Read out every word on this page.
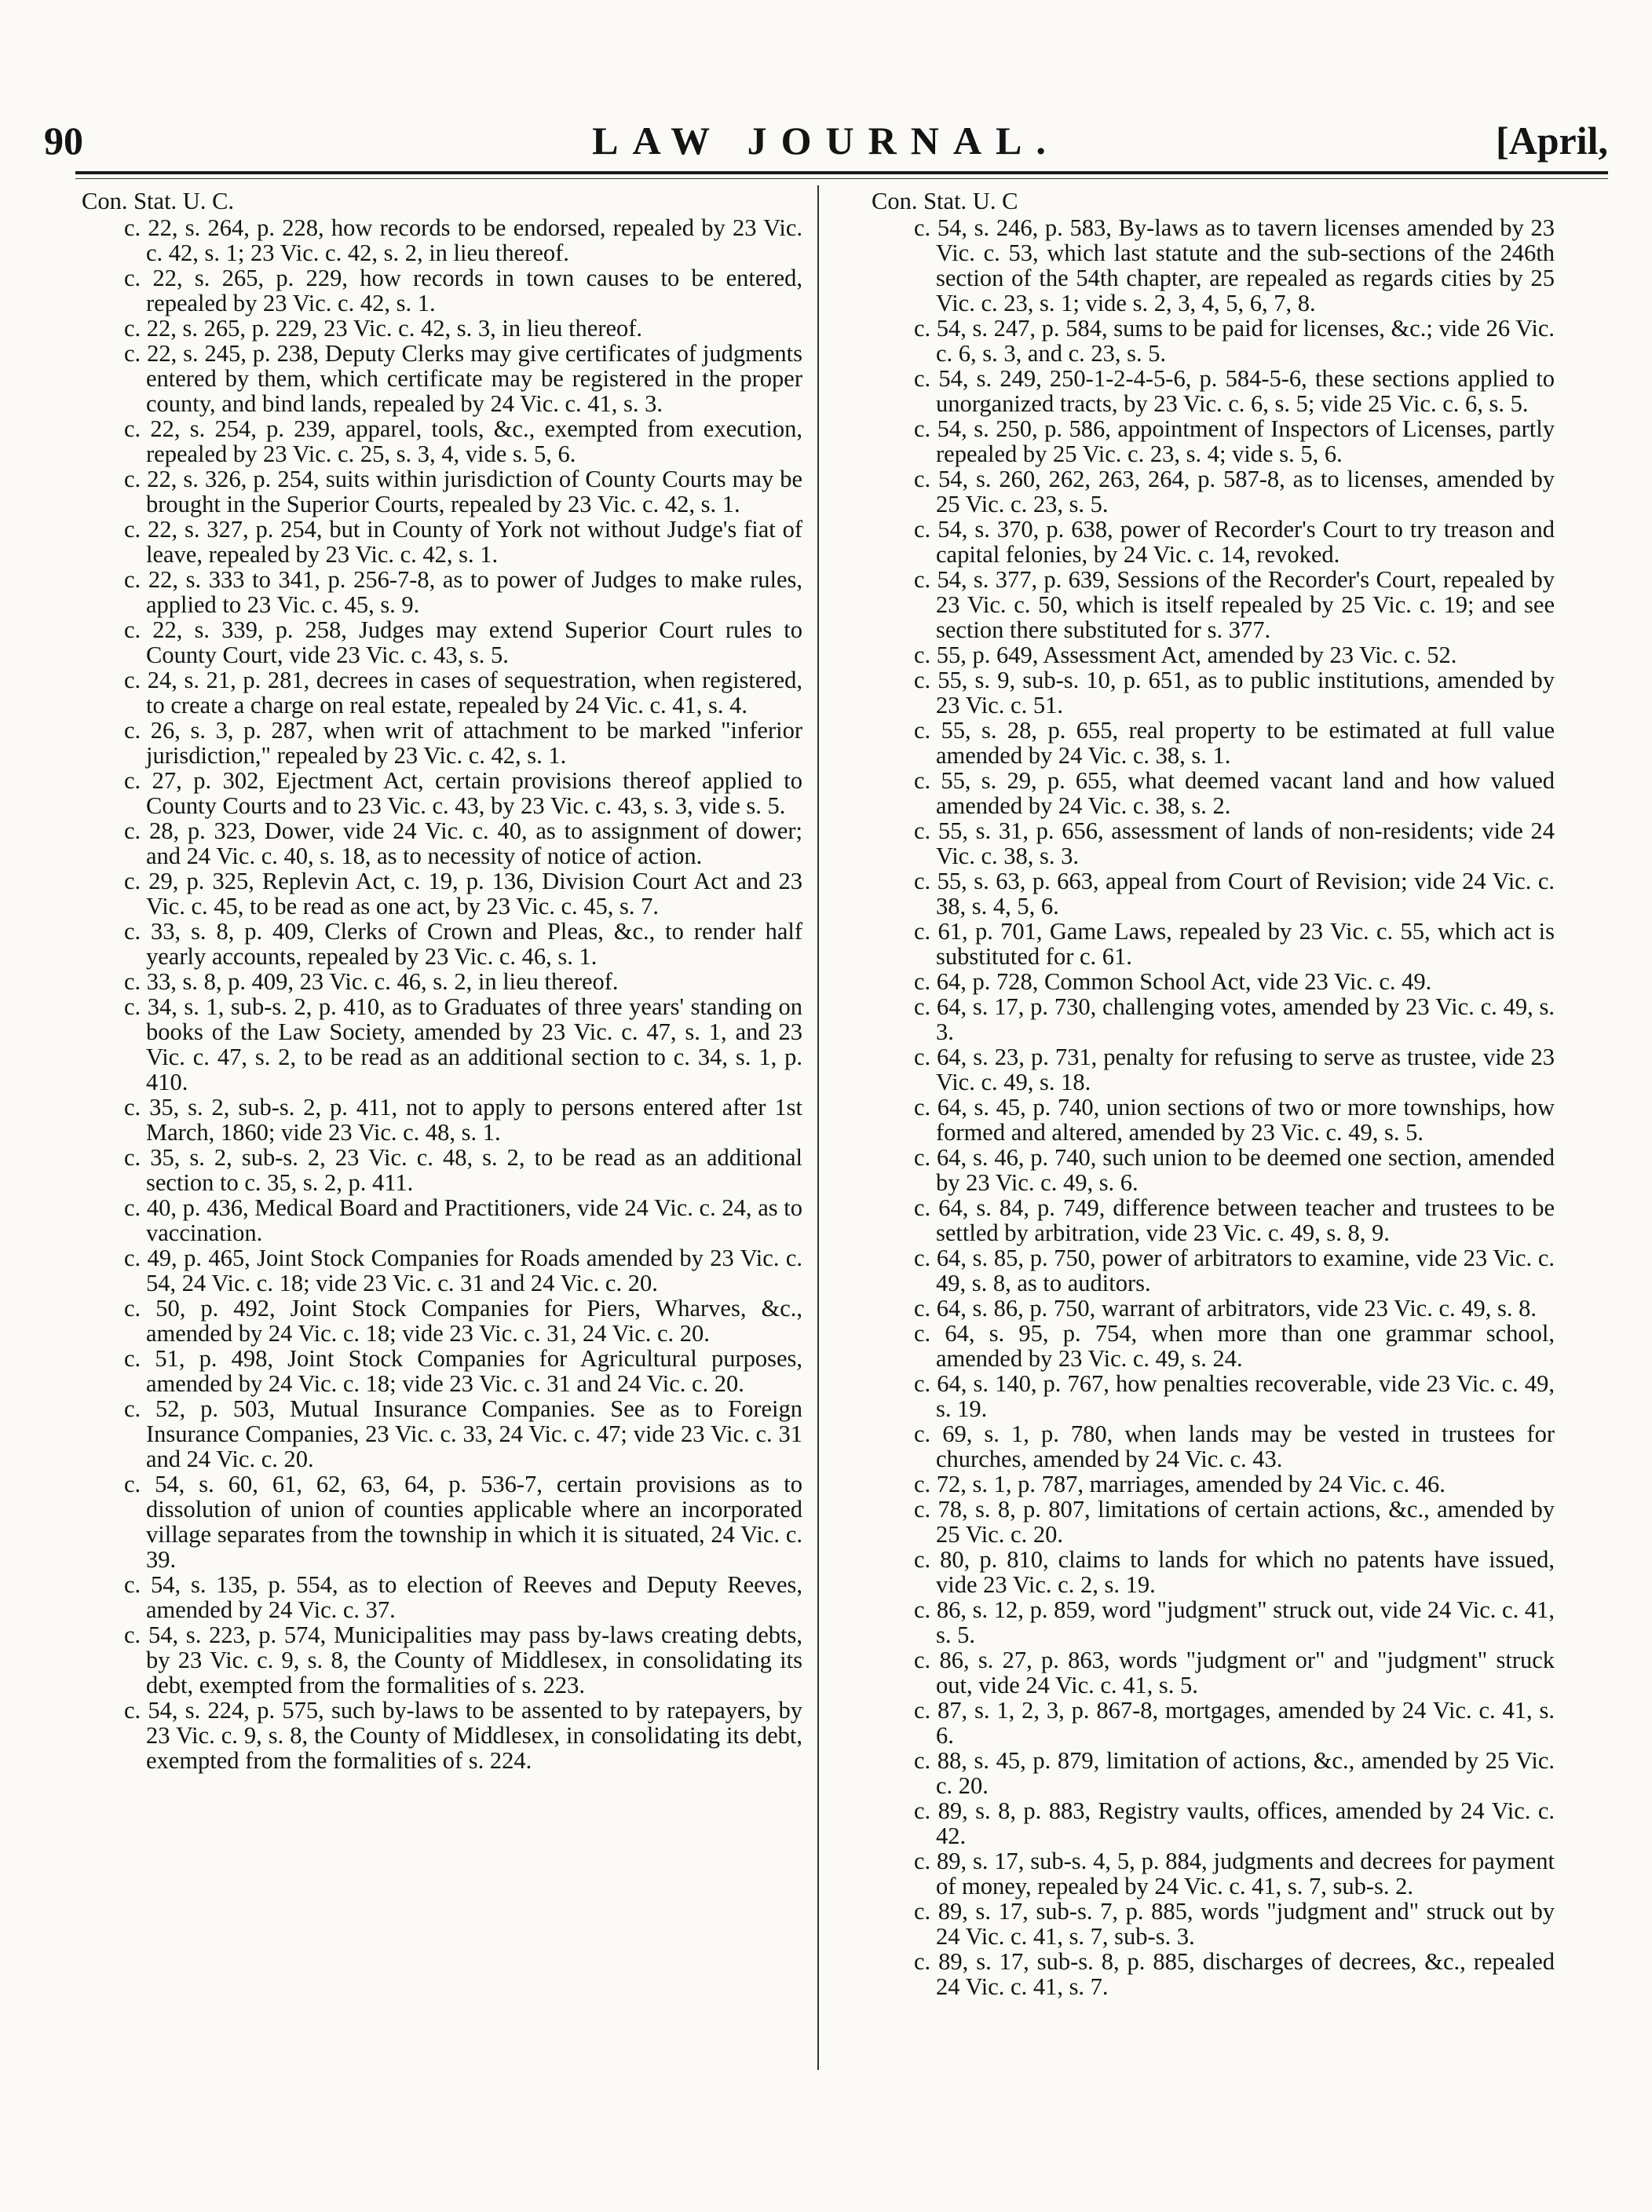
90	LAW JOURNAL.	[April,
Con. Stat. U. C.
c. 22, s. 264, p. 228, how records to be endorsed, repealed by 23 Vic. c. 42, s. 1; 23 Vic. c. 42, s. 2, in lieu thereof.
c. 22, s. 265, p. 229, how records in town causes to be entered, repealed by 23 Vic. c. 42, s. 1.
c. 22, s. 265, p. 229, 23 Vic. c. 42, s. 3, in lieu thereof.
c. 22, s. 245, p. 238, Deputy Clerks may give certificates of judgments entered by them, which certificate may be registered in the proper county, and bind lands, repealed by 24 Vic. c. 41, s. 3.
c. 22, s. 254, p. 239, apparel, tools, &c., exempted from execution, repealed by 23 Vic. c. 25, s. 3, 4, vide s. 5, 6.
c. 22, s. 326, p. 254, suits within jurisdiction of County Courts may be brought in the Superior Courts, repealed by 23 Vic. c. 42, s. 1.
c. 22, s. 327, p. 254, but in County of York not without Judge's fiat of leave, repealed by 23 Vic. c. 42, s. 1.
c. 22, s. 333 to 341, p. 256-7-8, as to power of Judges to make rules, applied to 23 Vic. c. 45, s. 9.
c. 22, s. 339, p. 258, Judges may extend Superior Court rules to County Court, vide 23 Vic. c. 43, s. 5.
c. 24, s. 21, p. 281, decrees in cases of sequestration, when registered, to create a charge on real estate, repealed by 24 Vic. c. 41, s. 4.
c. 26, s. 3, p. 287, when writ of attachment to be marked "inferior jurisdiction," repealed by 23 Vic. c. 42, s. 1.
c. 27, p. 302, Ejectment Act, certain provisions thereof applied to County Courts and to 23 Vic. c. 43, by 23 Vic. c. 43, s. 3, vide s. 5.
c. 28, p. 323, Dower, vide 24 Vic. c. 40, as to assignment of dower; and 24 Vic. c. 40, s. 18, as to necessity of notice of action.
c. 29, p. 325, Replevin Act, c. 19, p. 136, Division Court Act and 23 Vic. c. 45, to be read as one act, by 23 Vic. c. 45, s. 7.
c. 33, s. 8, p. 409, Clerks of Crown and Pleas, &c., to render half yearly accounts, repealed by 23 Vic. c. 46, s. 1.
c. 33, s. 8, p. 409, 23 Vic. c. 46, s. 2, in lieu thereof.
c. 34, s. 1, sub-s. 2, p. 410, as to Graduates of three years' standing on books of the Law Society, amended by 23 Vic. c. 47, s. 1, and 23 Vic. c. 47, s. 2, to be read as an additional section to c. 34, s. 1, p. 410.
c. 35, s. 2, sub-s. 2, p. 411, not to apply to persons entered after 1st March, 1860; vide 23 Vic. c. 48, s. 1.
c. 35, s. 2, sub-s. 2, 23 Vic. c. 48, s. 2, to be read as an additional section to c. 35, s. 2, p. 411.
c. 40, p. 436, Medical Board and Practitioners, vide 24 Vic. c. 24, as to vaccination.
c. 49, p. 465, Joint Stock Companies for Roads amended by 23 Vic. c. 54, 24 Vic. c. 18; vide 23 Vic. c. 31 and 24 Vic. c. 20.
c. 50, p. 492, Joint Stock Companies for Piers, Wharves, &c., amended by 24 Vic. c. 18; vide 23 Vic. c. 31, 24 Vic. c. 20.
c. 51, p. 498, Joint Stock Companies for Agricultural purposes, amended by 24 Vic. c. 18; vide 23 Vic. c. 31 and 24 Vic. c. 20.
c. 52, p. 503, Mutual Insurance Companies. See as to Foreign Insurance Companies, 23 Vic. c. 33, 24 Vic. c. 47; vide 23 Vic. c. 31 and 24 Vic. c. 20.
c. 54, s. 60, 61, 62, 63, 64, p. 536-7, certain provisions as to dissolution of union of counties applicable where an incorporated village separates from the township in which it is situated, 24 Vic. c. 39.
c. 54, s. 135, p. 554, as to election of Reeves and Deputy Reeves, amended by 24 Vic. c. 37.
c. 54, s. 223, p. 574, Municipalities may pass by-laws creating debts, by 23 Vic. c. 9, s. 8, the County of Middlesex, in consolidating its debt, exempted from the formalities of s. 223.
c. 54, s. 224, p. 575, such by-laws to be assented to by ratepayers, by 23 Vic. c. 9, s. 8, the County of Middlesex, in consolidating its debt, exempted from the formalities of s. 224.
Con. Stat. U. C
c. 54, s. 246, p. 583, By-laws as to tavern licenses amended by 23 Vic. c. 53, which last statute and the sub-sections of the 246th section of the 54th chapter, are repealed as regards cities by 25 Vic. c. 23, s. 1; vide s. 2, 3, 4, 5, 6, 7, 8.
c. 54, s. 247, p. 584, sums to be paid for licenses, &c.; vide 26 Vic. c. 6, s. 3, and c. 23, s. 5.
c. 54, s. 249, 250-1-2-4-5-6, p. 584-5-6, these sections applied to unorganized tracts, by 23 Vic. c. 6, s. 5; vide 25 Vic. c. 6, s. 5.
c. 54, s. 250, p. 586, appointment of Inspectors of Licenses, partly repealed by 25 Vic. c. 23, s. 4; vide s. 5, 6.
c. 54, s. 260, 262, 263, 264, p. 587-8, as to licenses, amended by 25 Vic. c. 23, s. 5.
c. 54, s. 370, p. 638, power of Recorder's Court to try treason and capital felonies, by 24 Vic. c. 14, revoked.
c. 54, s. 377, p. 639, Sessions of the Recorder's Court, repealed by 23 Vic. c. 50, which is itself repealed by 25 Vic. c. 19; and see section there substituted for s. 377.
c. 55, p. 649, Assessment Act, amended by 23 Vic. c. 52.
c. 55, s. 9, sub-s. 10, p. 651, as to public institutions, amended by 23 Vic. c. 51.
c. 55, s. 28, p. 655, real property to be estimated at full value amended by 24 Vic. c. 38, s. 1.
c. 55, s. 29, p. 655, what deemed vacant land and how valued amended by 24 Vic. c. 38, s. 2.
c. 55, s. 31, p. 656, assessment of lands of non-residents; vide 24 Vic. c. 38, s. 3.
c. 55, s. 63, p. 663, appeal from Court of Revision; vide 24 Vic. c. 38, s. 4, 5, 6.
c. 61, p. 701, Game Laws, repealed by 23 Vic. c. 55, which act is substituted for c. 61.
c. 64, p. 728, Common School Act, vide 23 Vic. c. 49.
c. 64, s. 17, p. 730, challenging votes, amended by 23 Vic. c. 49, s. 3.
c. 64, s. 23, p. 731, penalty for refusing to serve as trustee, vide 23 Vic. c. 49, s. 18.
c. 64, s. 45, p. 740, union sections of two or more townships, how formed and altered, amended by 23 Vic. c. 49, s. 5.
c. 64, s. 46, p. 740, such union to be deemed one section, amended by 23 Vic. c. 49, s. 6.
c. 64, s. 84, p. 749, difference between teacher and trustees to be settled by arbitration, vide 23 Vic. c. 49, s. 8, 9.
c. 64, s. 85, p. 750, power of arbitrators to examine, vide 23 Vic. c. 49, s. 8, as to auditors.
c. 64, s. 86, p. 750, warrant of arbitrators, vide 23 Vic. c. 49, s. 8.
c. 64, s. 95, p. 754, when more than one grammar school, amended by 23 Vic. c. 49, s. 24.
c. 64, s. 140, p. 767, how penalties recoverable, vide 23 Vic. c. 49, s. 19.
c. 69, s. 1, p. 780, when lands may be vested in trustees for churches, amended by 24 Vic. c. 43.
c. 72, s. 1, p. 787, marriages, amended by 24 Vic. c. 46.
c. 78, s. 8, p. 807, limitations of certain actions, &c., amended by 25 Vic. c. 20.
c. 80, p. 810, claims to lands for which no patents have issued, vide 23 Vic. c. 2, s. 19.
c. 86, s. 12, p. 859, word "judgment" struck out, vide 24 Vic. c. 41, s. 5.
c. 86, s. 27, p. 863, words "judgment or" and "judgment" struck out, vide 24 Vic. c. 41, s. 5.
c. 87, s. 1, 2, 3, p. 867-8, mortgages, amended by 24 Vic. c. 41, s. 6.
c. 88, s. 45, p. 879, limitation of actions, &c., amended by 25 Vic. c. 20.
c. 89, s. 8, p. 883, Registry vaults, offices, amended by 24 Vic. c. 42.
c. 89, s. 17, sub-s. 4, 5, p. 884, judgments and decrees for payment of money, repealed by 24 Vic. c. 41, s. 7, sub-s. 2.
c. 89, s. 17, sub-s. 7, p. 885, words "judgment and" struck out by 24 Vic. c. 41, s. 7, sub-s. 3.
c. 89, s. 17, sub-s. 8, p. 885, discharges of decrees, &c., repealed 24 Vic. c. 41, s. 7.
